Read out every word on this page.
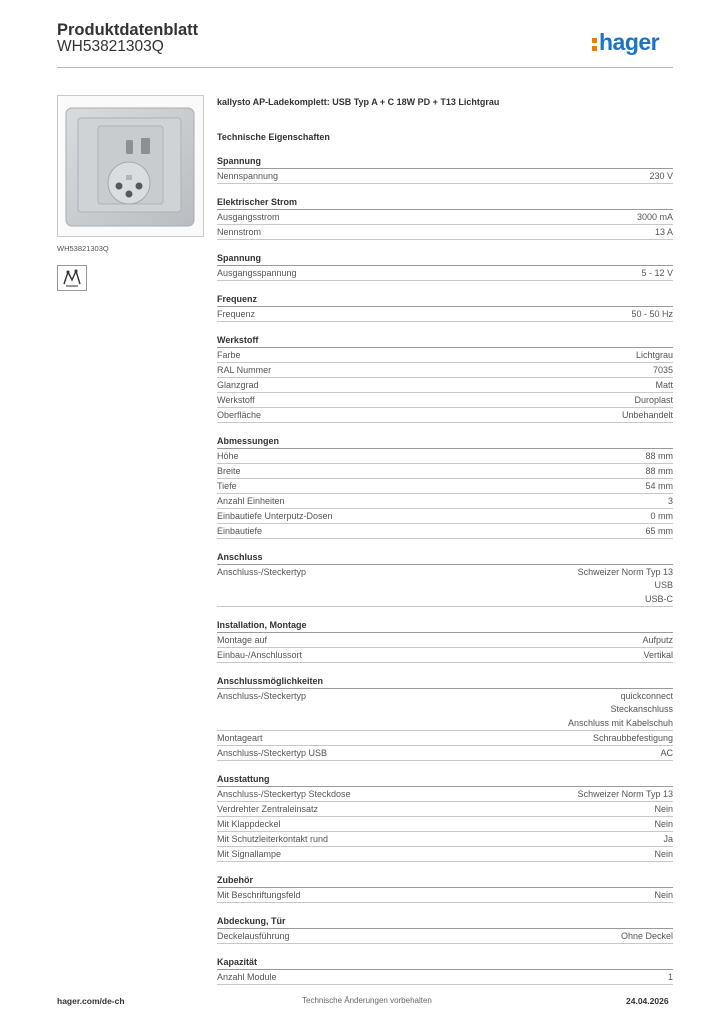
Produktdatenblatt
WH53821303Q	hager
WH53821303Q
kallysto AP-Ladekomplett: USB Typ A + C 18W PD + T13 Lichtgrau
Technische Eigenschaften
Spannung
Nennspannung	230 V
Elektrischer Strom
Ausgangsstrom	3000 mA
Nennstrom	13 A
Spannung
Ausgangsspannung	5 - 12 V
Frequenz
Frequenz	50 - 50 Hz
Werkstoff
Farbe	Lichtgrau
RAL Nummer	7035
Glanzgrad	Matt
Werkstoff	Duroplast
Oberfläche	Unbehandelt
Abmessungen
Höhe	88 mm
Breite	88 mm
Tiefe	54 mm
Anzahl Einheiten	3
Einbautiefe Unterputz-Dosen	0 mm
Einbautiefe	65 mm
Anschluss
Anschluss-/Steckertyp	Schweizer Norm Typ 13
USB
USB-C
Installation, Montage
Montage auf	Aufputz
Einbau-/Anschlussort	Vertikal
Anschlussmöglichkeiten
Anschluss-/Steckertyp	quickconnect
Steckanschluss
Anschluss mit Kabelschuh
Montageart	Schraubbefestigung
Anschluss-/Steckertyp USB	AC
Ausstattung
Anschluss-/Steckertyp Steckdose	Schweizer Norm Typ 13
Verdrehter Zentraleinsatz	Nein
Mit Klappdeckel	Nein
Mit Schutzleiterkontakt rund	Ja
Mit Signallampe	Nein
Zubehör
Mit Beschriftungsfeld	Nein
Abdeckung, Tür
Deckelausführung	Ohne Deckel
Kapazität
Anzahl Module	1
hager.com/de-ch	Technische Änderungen vorbehalten	24.04.2026
